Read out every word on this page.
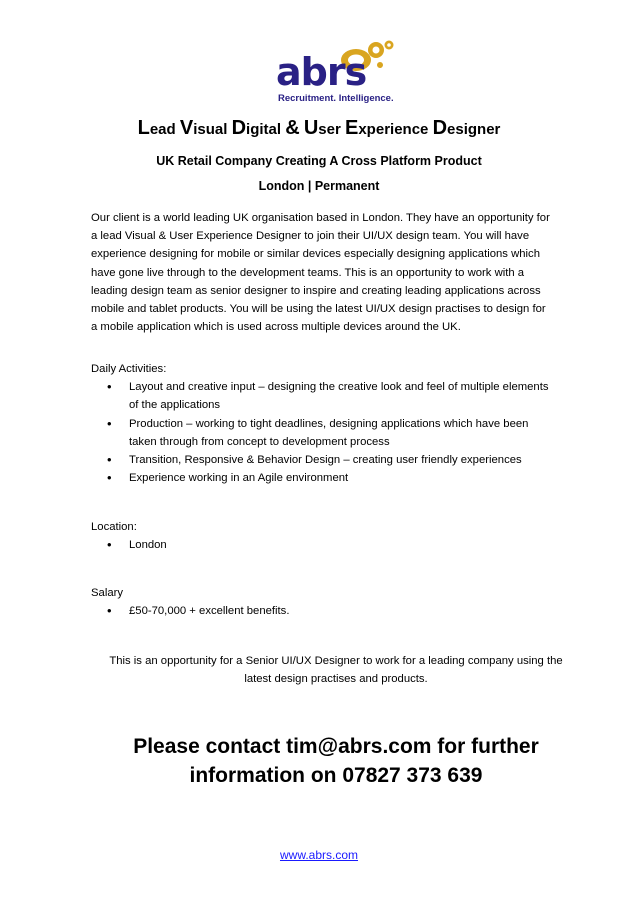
abrs
Recruitment. Intelligence.
Lead Visual Digital & User Experience Designer
UK Retail Company Creating A Cross Platform Product
London | Permanent

Our client is a world leading UK organisation based in London. They have an opportunity for

a lead Visual & User Experience Designer to join their UI/UX design team. You will have

experience designing for mobile or similar devices especially designing applications which

have gone live through to the development teams. This is an opportunity to work with a

leading design team as senior designer to inspire and creating leading applications across

mobile and tablet products. You will be using the latest UI/UX design practises to design for

a mobile application which is used across multiple devices around the UK.

Daily Activities:

• Layout and creative input – designing the creative look and feel of multiple elements
of the applications
• Production – working to tight deadlines, designing applications which have been
taken through from concept to development process
• Transition, Responsive & Behavior Design – creating user friendly experiences
• Experience working in an Agile environment

Location:

• London

Salary

• £50-70,000 + excellent benefits.
This is an opportunity for a Senior UI/UX Designer to work for a leading company using the
latest design practises and products.
Please contact tim@abrs.com for further
information on 07827 373 639
www.abrs.com
